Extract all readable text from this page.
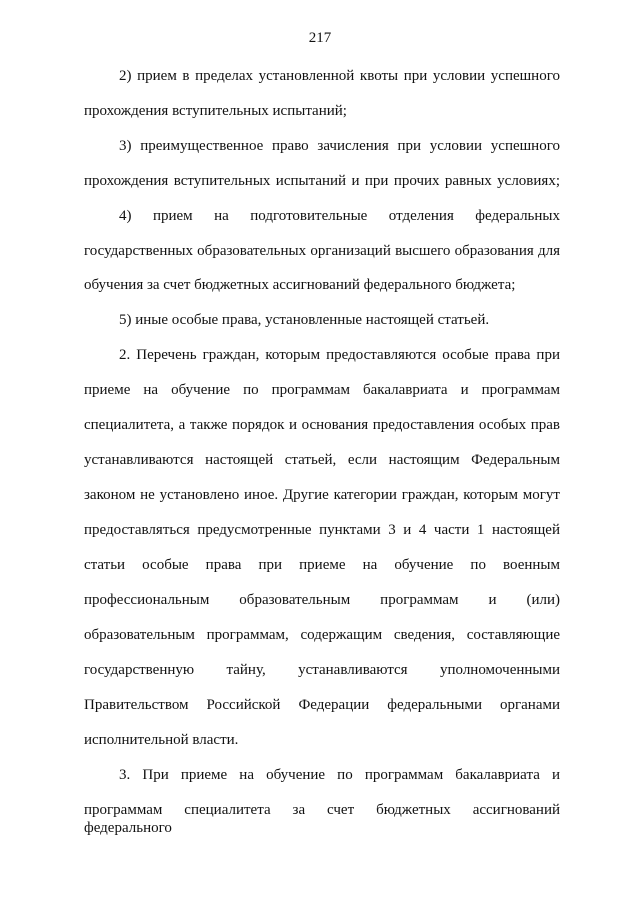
217
2) прием в пределах установленной квоты при условии успешного
прохождения вступительных испытаний;
3) преимущественное право зачисления при условии успешного
прохождения вступительных испытаний и при прочих равных условиях;
4) прием на подготовительные отделения федеральных
государственных образовательных организаций высшего образования для
обучения за счет бюджетных ассигнований федерального бюджета;
5) иные особые права, установленные настоящей статьей.
2. Перечень граждан, которым предоставляются особые права при
приеме на обучение по программам бакалавриата и программам
специалитета, а также порядок и основания предоставления особых прав
устанавливаются настоящей статьей, если настоящим Федеральным
законом не установлено иное. Другие категории граждан, которым могут
предоставляться предусмотренные пунктами 3 и 4 части 1 настоящей
статьи особые права при приеме на обучение по военным
профессиональным образовательным программам и (или)
образовательным программам, содержащим сведения, составляющие
государственную тайну, устанавливаются уполномоченными
Правительством Российской Федерации федеральными органами
исполнительной власти.
3. При приеме на обучение по программам бакалавриата и
программам специалитета за счет бюджетных ассигнований федерального
